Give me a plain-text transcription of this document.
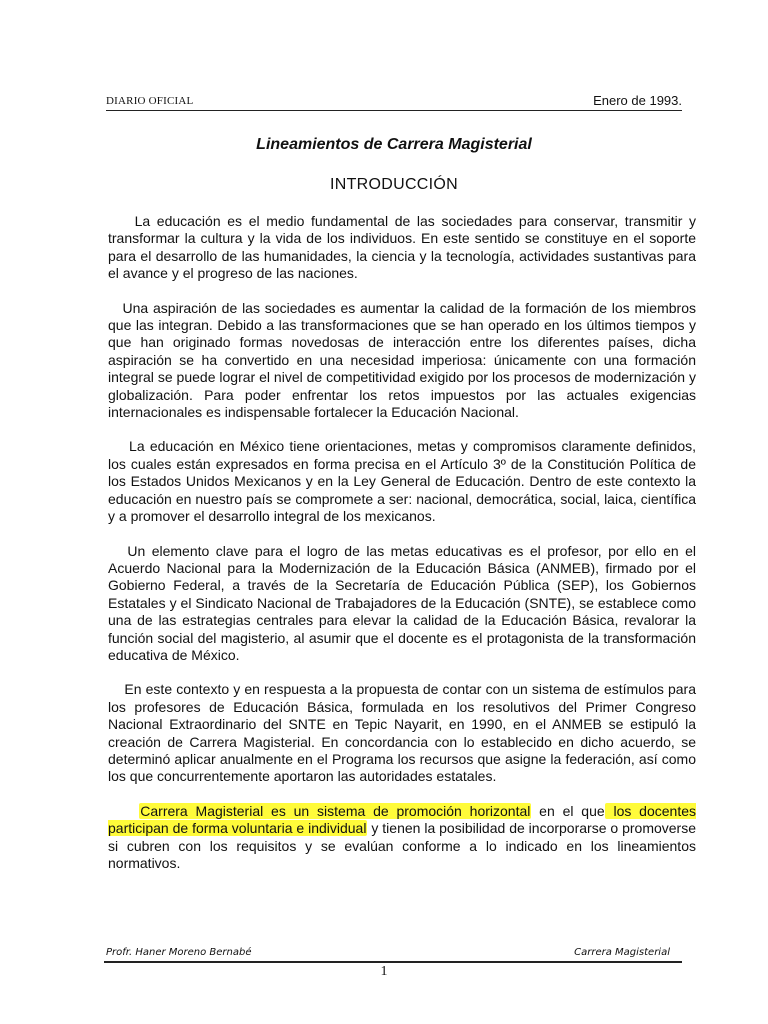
DIARIO OFICIAL	Enero de 1993.
Lineamientos de Carrera Magisterial
INTRODUCCIÓN

La educación es el medio fundamental de las sociedades para conservar, transmitir y transformar la cultura y la vida de los individuos. En este sentido se constituye en el soporte para el desarrollo de las humanidades, la ciencia y la tecnología, actividades sustantivas para el avance y el progreso de las naciones.

Una aspiración de las sociedades es aumentar la calidad de la formación de los miembros que las integran. Debido a las transformaciones que se han operado en los últimos tiempos y que han originado formas novedosas de interacción entre los diferentes países, dicha aspiración se ha convertido en una necesidad imperiosa: únicamente con una formación integral se puede lograr el nivel de competitividad exigido por los procesos de modernización y globalización. Para poder enfrentar los retos impuestos por las actuales exigencias internacionales es indispensable fortalecer la Educación Nacional.

La educación en México tiene orientaciones, metas y compromisos claramente definidos, los cuales están expresados en forma precisa en el Artículo 3º de la Constitución Política de los Estados Unidos Mexicanos y en la Ley General de Educación. Dentro de este contexto la educación en nuestro país se compromete a ser: nacional, democrática, social, laica, científica y a promover el desarrollo integral de los mexicanos.

Un elemento clave para el logro de las metas educativas es el profesor, por ello en el Acuerdo Nacional para la Modernización de la Educación Básica (ANMEB), firmado por el Gobierno Federal, a través de la Secretaría de Educación Pública (SEP), los Gobiernos Estatales y el Sindicato Nacional de Trabajadores de la Educación (SNTE), se establece como una de las estrategias centrales para elevar la calidad de la Educación Básica, revalorar la función social del magisterio, al asumir que el docente es el protagonista de la transformación educativa de México.

En este contexto y en respuesta a la propuesta de contar con un sistema de estímulos para los profesores de Educación Básica, formulada en los resolutivos del Primer Congreso Nacional Extraordinario del SNTE en Tepic Nayarit, en 1990, en el ANMEB se estipuló la creación de Carrera Magisterial. En concordancia con lo establecido en dicho acuerdo, se determinó aplicar anualmente en el Programa los recursos que asigne la federación, así como los que concurrentemente aportaron las autoridades estatales.

Carrera Magisterial es un sistema de promoción horizontal en el que los docentes participan de forma voluntaria e individual y tienen la posibilidad de incorporarse o promoverse si cubren con los requisitos y se evalúan conforme a lo indicado en los lineamientos normativos.

Profr. Haner Moreno Bernabé	Carrera Magisterial
1
